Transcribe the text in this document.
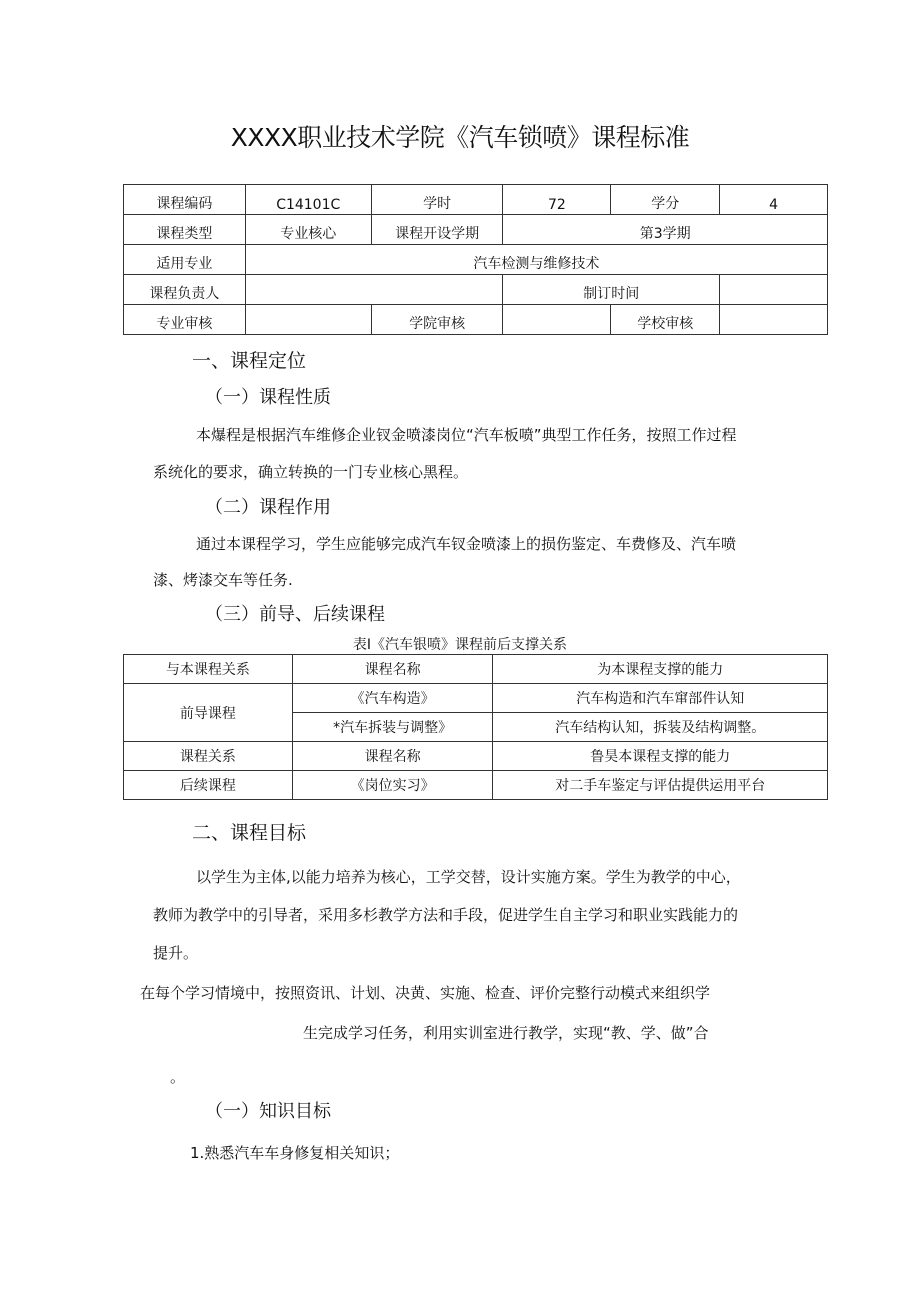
XXXX职业技术学院《汽车锁喷》课程标准
课程编码	C14101C	学时	72	学分	4
课程类型	专业核心	课程开设学期	第3学期		
适用专业	汽车检测与维修技术				
课程负责人			制订时间		
专业审核		学院审核		学校审核	
一、课程定位
（一）课程性质
本爆程是根据汽车维修企业钗金喷漆岗位“汽车板喷”典型工作任务，按照工作过程
系统化的要求，确立转换的一门专业核心黑程。
（二）课程作用
通过本课程学习，学生应能够完成汽车钗金喷漆上的损伤鉴定、车费修及、汽车喷
漆、烤漆交车等任务.
（三）前导、后续课程
表I《汽车银喷》课程前后支撑关系
与本课程关系	课程名称	为本课程支撑的能力
前导课程	《汽车构造》	汽车构造和汽车窜部件认知
	*汽车拆装与调整》	汽车结构认知，拆装及结构调整。
课程关系	课程名称	鲁昊本课程支撑的能力
后续课程	《岗位实习》	对二手车鉴定与评估提供运用平台
二、课程目标
以学生为主体,以能力培养为核心，工学交替，设计实施方案。学生为教学的中心，
教师为教学中的引导者，采用多杉教学方法和手段，促进学生自主学习和职业实践能力的
提升。
在每个学习情境中，按照资讯、计划、决黄、实施、检查、评价完整行动模式来组织学
生完成学习任务，利用实训室进行教学，实现“教、学、做”合
。
（一）知识目标
1.熟悉汽车车身修复相关知识；
